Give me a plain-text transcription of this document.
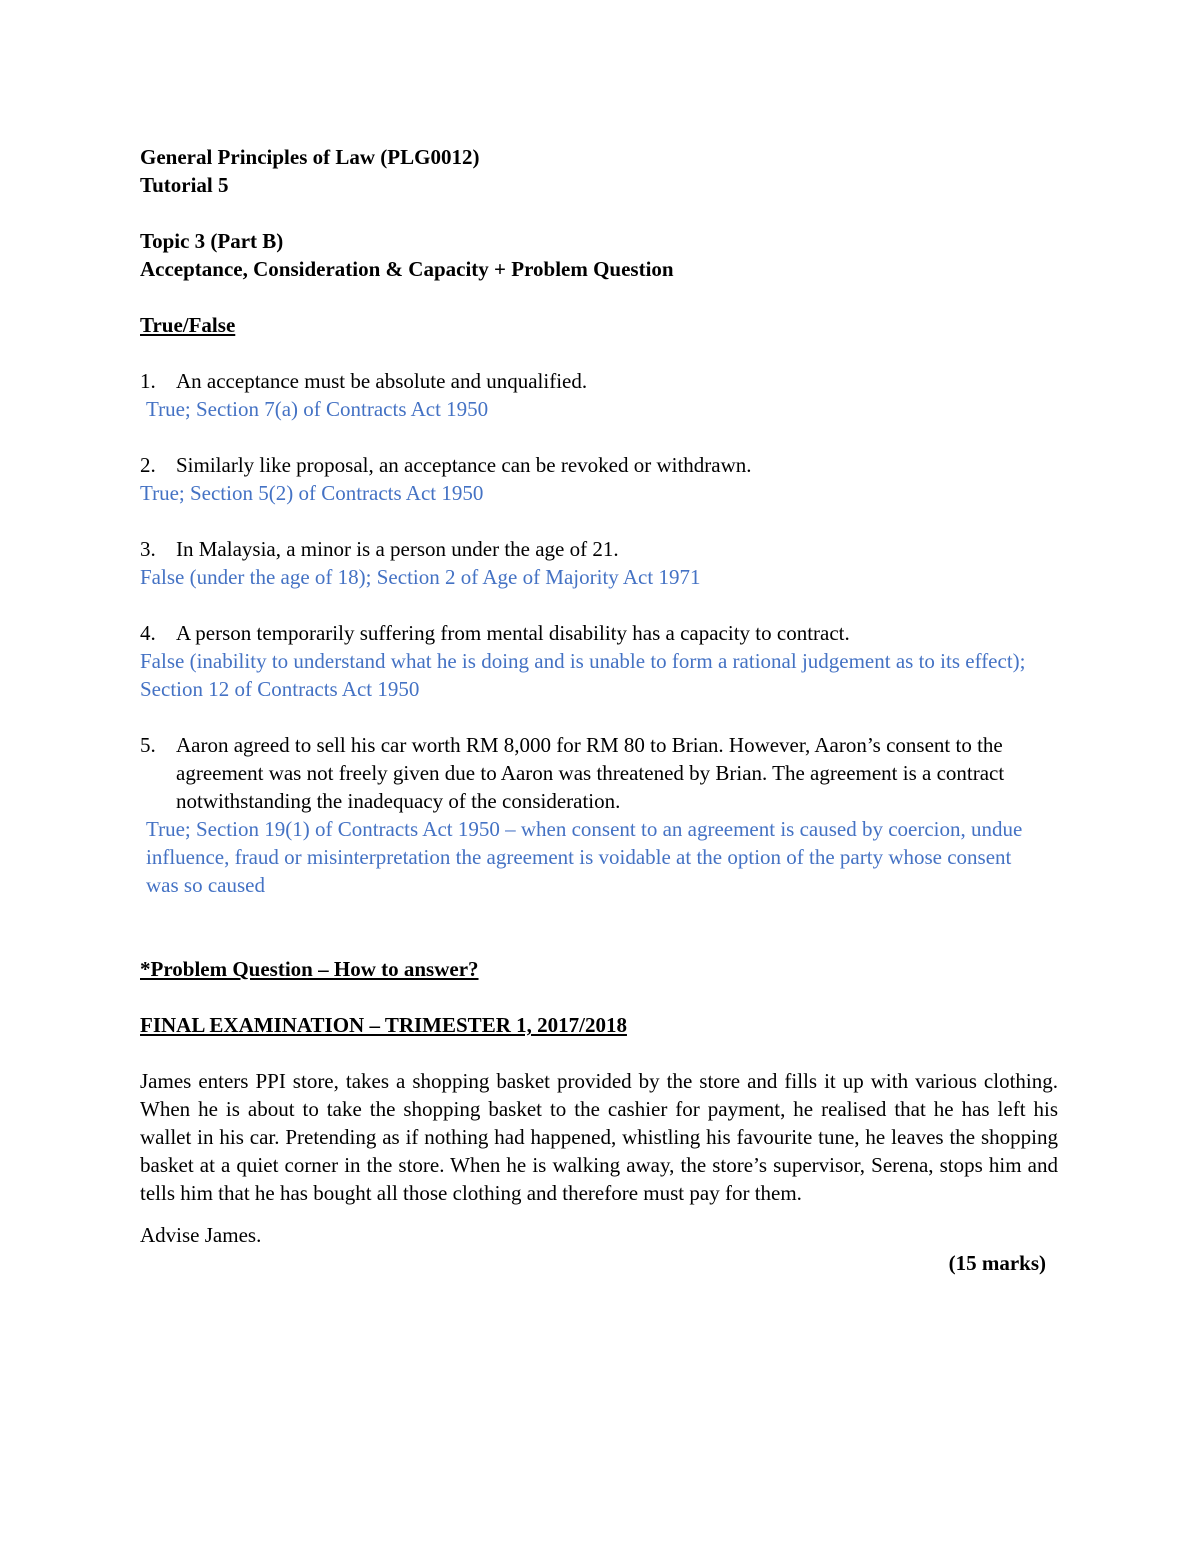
General Principles of Law (PLG0012)
Tutorial 5
Topic 3 (Part B)
Acceptance, Consideration & Capacity + Problem Question
True/False
1. An acceptance must be absolute and unqualified.
True; Section 7(a) of Contracts Act 1950
2. Similarly like proposal, an acceptance can be revoked or withdrawn.
True; Section 5(2) of Contracts Act 1950
3. In Malaysia, a minor is a person under the age of 21.
False (under the age of 18); Section 2 of Age of Majority Act 1971
4. A person temporarily suffering from mental disability has a capacity to contract.
False (inability to understand what he is doing and is unable to form a rational judgement as to its effect); Section 12 of Contracts Act 1950
5. Aaron agreed to sell his car worth RM 8,000 for RM 80 to Brian. However, Aaron’s consent to the agreement was not freely given due to Aaron was threatened by Brian. The agreement is a contract notwithstanding the inadequacy of the consideration.
True; Section 19(1) of Contracts Act 1950 – when consent to an agreement is caused by coercion, undue influence, fraud or misinterpretation the agreement is voidable at the option of the party whose consent was so caused
*Problem Question – How to answer?
FINAL EXAMINATION – TRIMESTER 1, 2017/2018
James enters PPI store, takes a shopping basket provided by the store and fills it up with various clothing. When he is about to take the shopping basket to the cashier for payment, he realised that he has left his wallet in his car. Pretending as if nothing had happened, whistling his favourite tune, he leaves the shopping basket at a quiet corner in the store. When he is walking away, the store’s supervisor, Serena, stops him and tells him that he has bought all those clothing and therefore must pay for them.
Advise James.
(15 marks)
